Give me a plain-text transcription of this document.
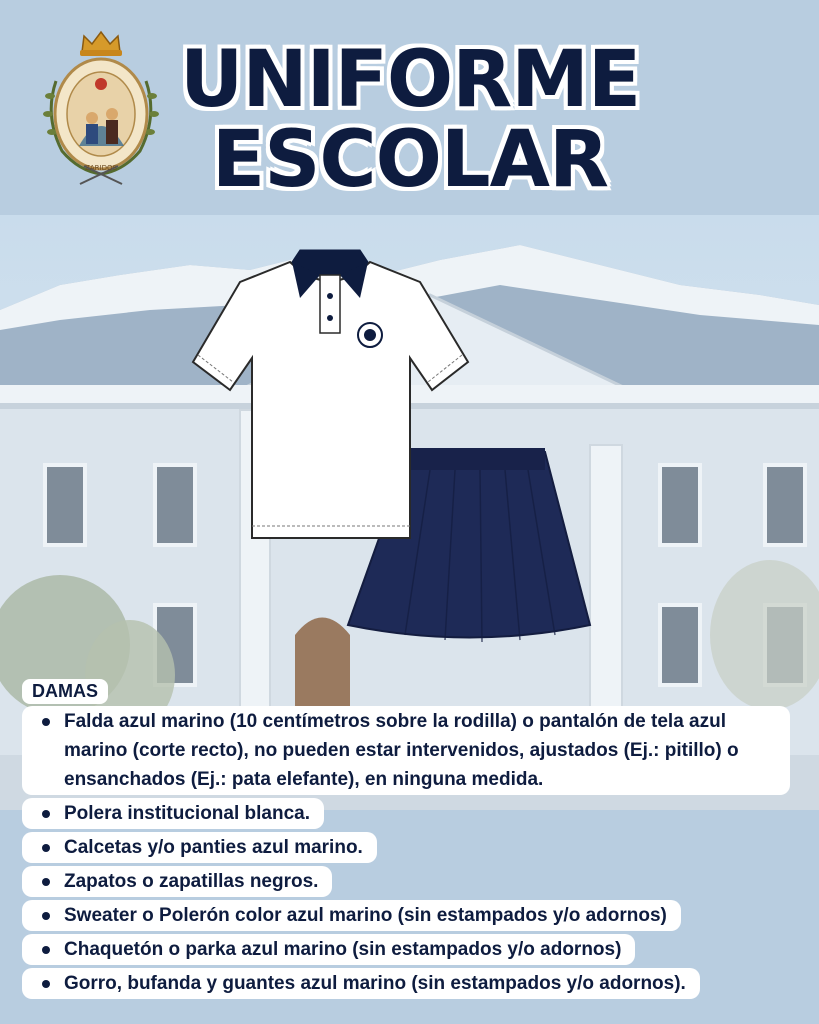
ZARIDOS
UNIFORME
ESCOLAR
DAMAS
Falda azul marino (10 centímetros sobre la rodilla) o pantalón de tela azul marino (corte recto), no pueden estar intervenidos, ajustados (Ej.: pitillo) o ensanchados (Ej.: pata elefante), en ninguna medida.
Polera institucional blanca.
Calcetas y/o panties azul marino.
Zapatos o zapatillas negros.
Sweater o Polerón color azul marino (sin estampados y/o adornos)
Chaquetón o parka azul marino (sin estampados y/o adornos)
Gorro, bufanda y guantes azul marino (sin estampados y/o adornos).
